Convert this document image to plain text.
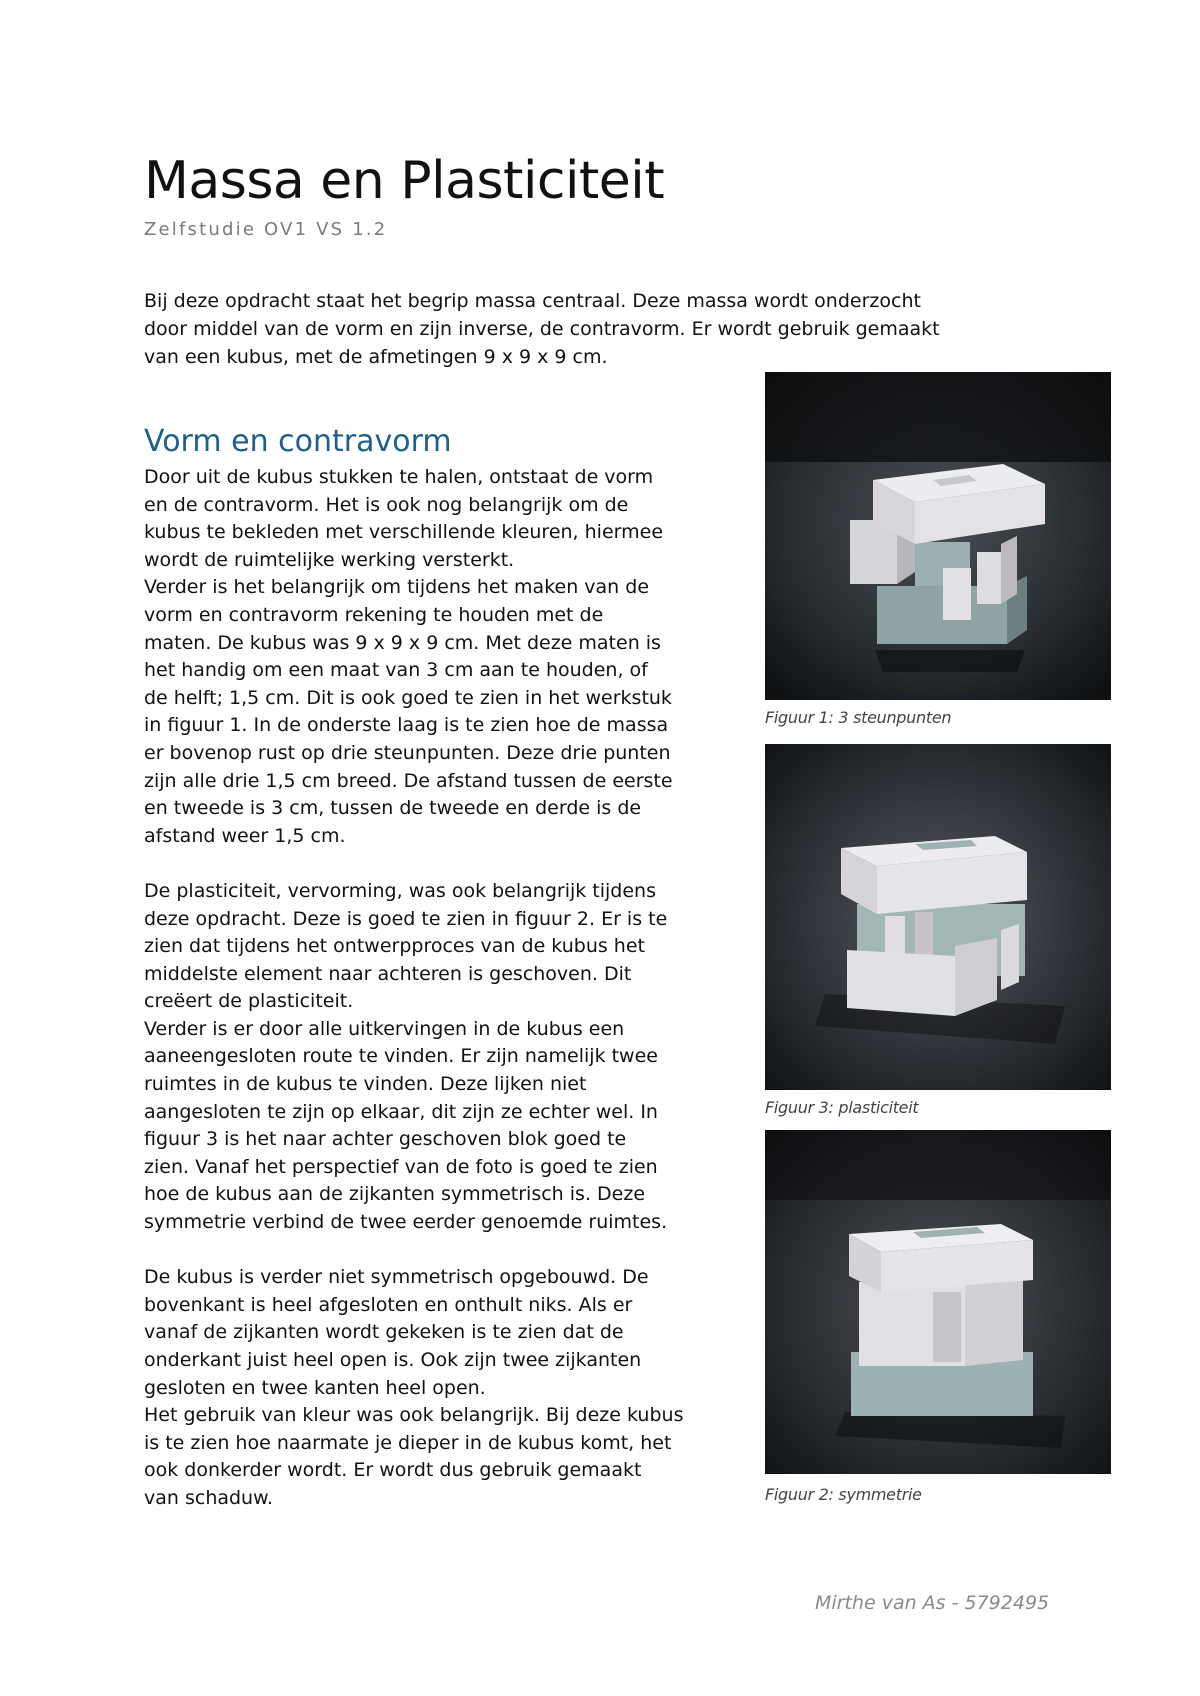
Massa en Plasticiteit
Zelfstudie OV1 VS 1.2

Bij deze opdracht staat het begrip massa centraal. Deze massa wordt onderzocht
door middel van de vorm en zijn inverse, de contravorm. Er wordt gebruik gemaakt
van een kubus, met de afmetingen 9 x 9 x 9 cm.

Vorm en contravorm

Door uit de kubus stukken te halen, ontstaat de vorm
en de contravorm. Het is ook nog belangrijk om de
kubus te bekleden met verschillende kleuren, hiermee
wordt de ruimtelijke werking versterkt.
Verder is het belangrijk om tijdens het maken van de
vorm en contravorm rekening te houden met de
maten. De kubus was 9 x 9 x 9 cm. Met deze maten is
het handig om een maat van 3 cm aan te houden, of
de helft; 1,5 cm. Dit is ook goed te zien in het werkstuk
in figuur 1. In de onderste laag is te zien hoe de massa
er bovenop rust op drie steunpunten. Deze drie punten
zijn alle drie 1,5 cm breed. De afstand tussen de eerste
en tweede is 3 cm, tussen de tweede en derde is de
afstand weer 1,5 cm.

De plasticiteit, vervorming, was ook belangrijk tijdens
deze opdracht. Deze is goed te zien in figuur 2. Er is te
zien dat tijdens het ontwerpproces van de kubus het
middelste element naar achteren is geschoven. Dit
creëert de plasticiteit.
Verder is er door alle uitkervingen in de kubus een
aaneengesloten route te vinden. Er zijn namelijk twee
ruimtes in de kubus te vinden. Deze lijken niet
aangesloten te zijn op elkaar, dit zijn ze echter wel. In
figuur 3 is het naar achter geschoven blok goed te
zien. Vanaf het perspectief van de foto is goed te zien
hoe de kubus aan de zijkanten symmetrisch is. Deze
symmetrie verbind de twee eerder genoemde ruimtes.

De kubus is verder niet symmetrisch opgebouwd. De
bovenkant is heel afgesloten en onthult niks. Als er
vanaf de zijkanten wordt gekeken is te zien dat de
onderkant juist heel open is. Ook zijn twee zijkanten
gesloten en twee kanten heel open.
Het gebruik van kleur was ook belangrijk. Bij deze kubus
is te zien hoe naarmate je dieper in de kubus komt, het
ook donkerder wordt. Er wordt dus gebruik gemaakt
van schaduw.

Figuur 1: 3 steunpunten
Figuur 3: plasticiteit
Figuur 2: symmetrie
Mirthe van As - 5792495
